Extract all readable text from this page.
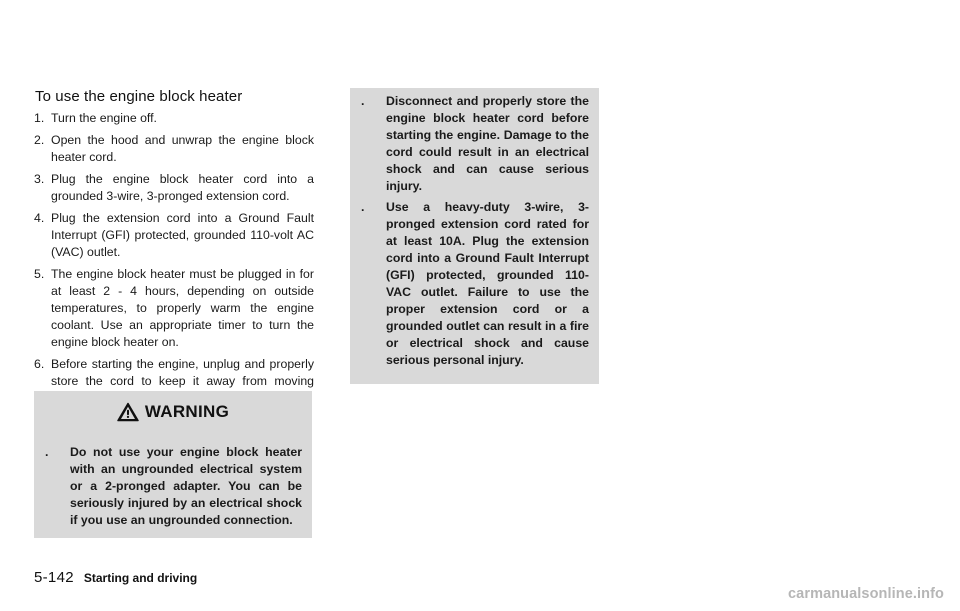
To use the engine block heater
1. Turn the engine off.
2. Open the hood and unwrap the engine block heater cord.
3. Plug the engine block heater cord into a grounded 3-wire, 3-pronged extension cord.
4. Plug the extension cord into a Ground Fault Interrupt (GFI) protected, grounded 110-volt AC (VAC) outlet.
5. The engine block heater must be plugged in for at least 2 - 4 hours, depending on outside temperatures, to properly warm the engine coolant. Use an appropriate timer to turn the engine block heater on.
6. Before starting the engine, unplug and properly store the cord to keep it away from moving
WARNING
. Do not use your engine block heater with an ungrounded electrical system or a 2-pronged adapter. You can be seriously injured by an electrical shock if you use an ungrounded connection.
. Disconnect and properly store the engine block heater cord before starting the engine. Damage to the cord could result in an electrical shock and can cause serious injury.
. Use a heavy-duty 3-wire, 3-pronged extension cord rated for at least 10A. Plug the extension cord into a Ground Fault Interrupt (GFI) protected, grounded 110-VAC outlet. Failure to use the proper extension cord or a grounded outlet can result in a fire or electrical shock and cause serious personal injury.
5-142 Starting and driving
carmanualsonline.info
